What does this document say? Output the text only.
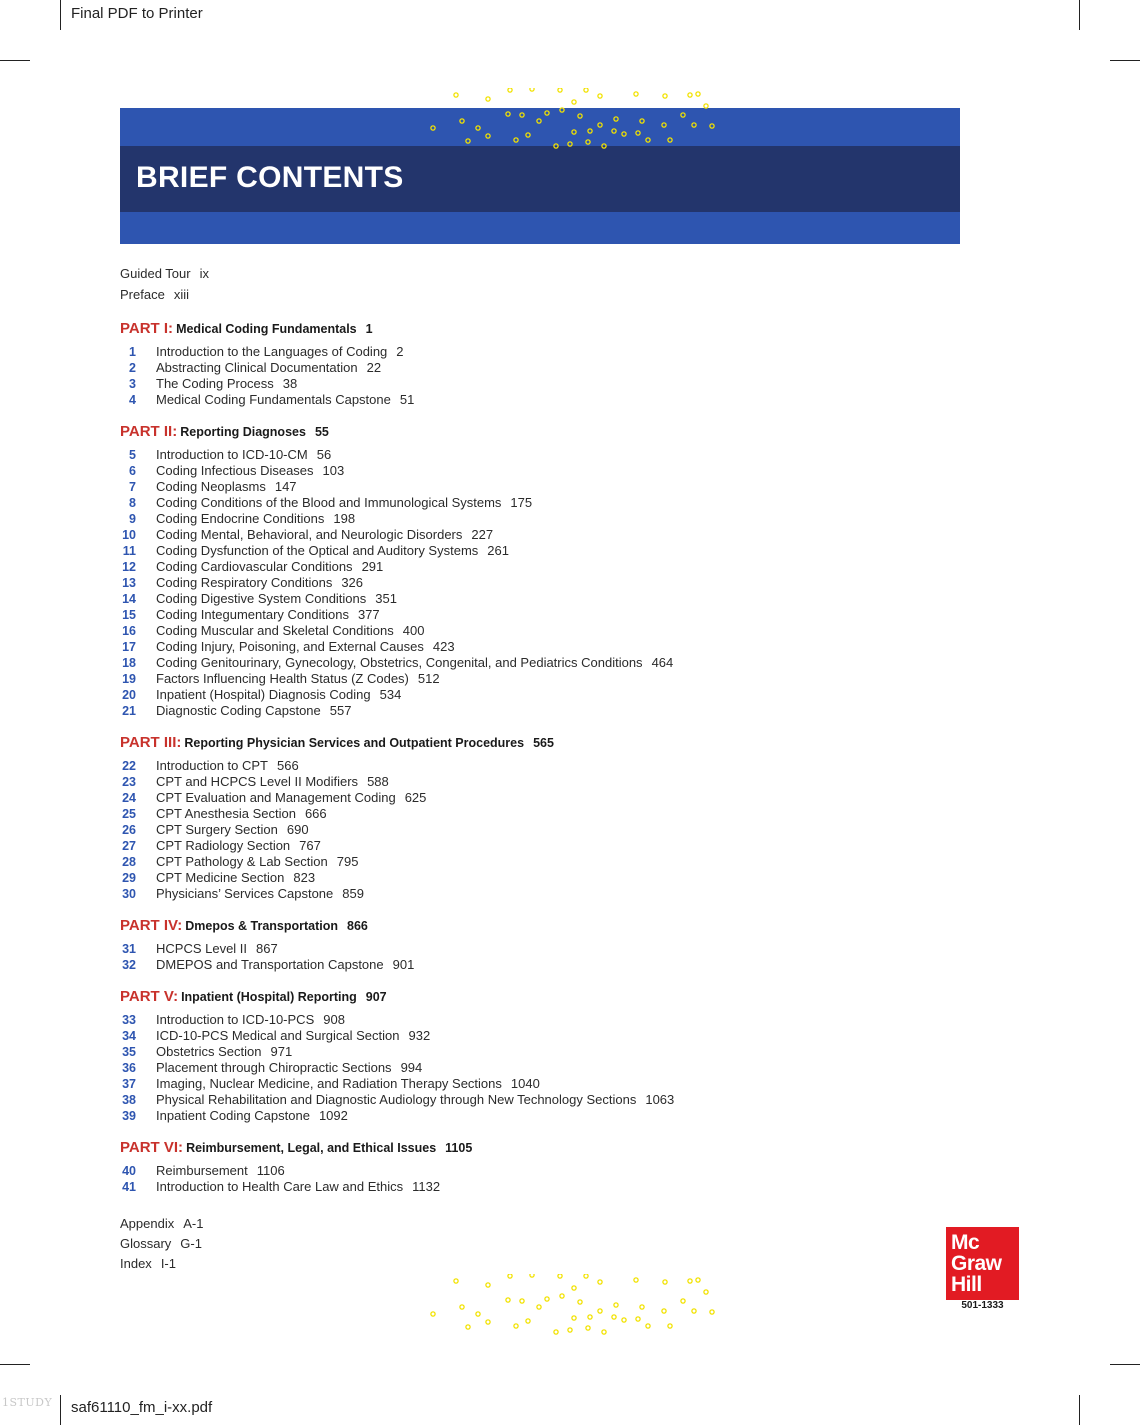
Final PDF to Printer
saf61110_fm_i-xx.pdf
1STUDY
BRIEF CONTENTS
Guided Tour ix
Preface xiii
PART I: Medical Coding Fundamentals 1
1 Introduction to the Languages of Coding 2
2 Abstracting Clinical Documentation 22
3 The Coding Process 38
4 Medical Coding Fundamentals Capstone 51
PART II: Reporting Diagnoses 55
5 Introduction to ICD-10-CM 56
6 Coding Infectious Diseases 103
7 Coding Neoplasms 147
8 Coding Conditions of the Blood and Immunological Systems 175
9 Coding Endocrine Conditions 198
10 Coding Mental, Behavioral, and Neurologic Disorders 227
11 Coding Dysfunction of the Optical and Auditory Systems 261
12 Coding Cardiovascular Conditions 291
13 Coding Respiratory Conditions 326
14 Coding Digestive System Conditions 351
15 Coding Integumentary Conditions 377
16 Coding Muscular and Skeletal Conditions 400
17 Coding Injury, Poisoning, and External Causes 423
18 Coding Genitourinary, Gynecology, Obstetrics, Congenital, and Pediatrics Conditions 464
19 Factors Influencing Health Status (Z Codes) 512
20 Inpatient (Hospital) Diagnosis Coding 534
21 Diagnostic Coding Capstone 557
PART III: Reporting Physician Services and Outpatient Procedures 565
22 Introduction to CPT 566
23 CPT and HCPCS Level II Modifiers 588
24 CPT Evaluation and Management Coding 625
25 CPT Anesthesia Section 666
26 CPT Surgery Section 690
27 CPT Radiology Section 767
28 CPT Pathology & Lab Section 795
29 CPT Medicine Section 823
30 Physicians’ Services Capstone 859
PART IV: Dmepos & Transportation 866
31 HCPCS Level II 867
32 DMEPOS and Transportation Capstone 901
PART V: Inpatient (Hospital) Reporting 907
33 Introduction to ICD-10-PCS 908
34 ICD-10-PCS Medical and Surgical Section 932
35 Obstetrics Section 971
36 Placement through Chiropractic Sections 994
37 Imaging, Nuclear Medicine, and Radiation Therapy Sections 1040
38 Physical Rehabilitation and Diagnostic Audiology through New Technology Sections 1063
39 Inpatient Coding Capstone 1092
PART VI: Reimbursement, Legal, and Ethical Issues 1105
40 Reimbursement 1106
41 Introduction to Health Care Law and Ethics 1132
Appendix A-1
Glossary G-1
Index I-1
Mc
Graw
Hill
501-1333
